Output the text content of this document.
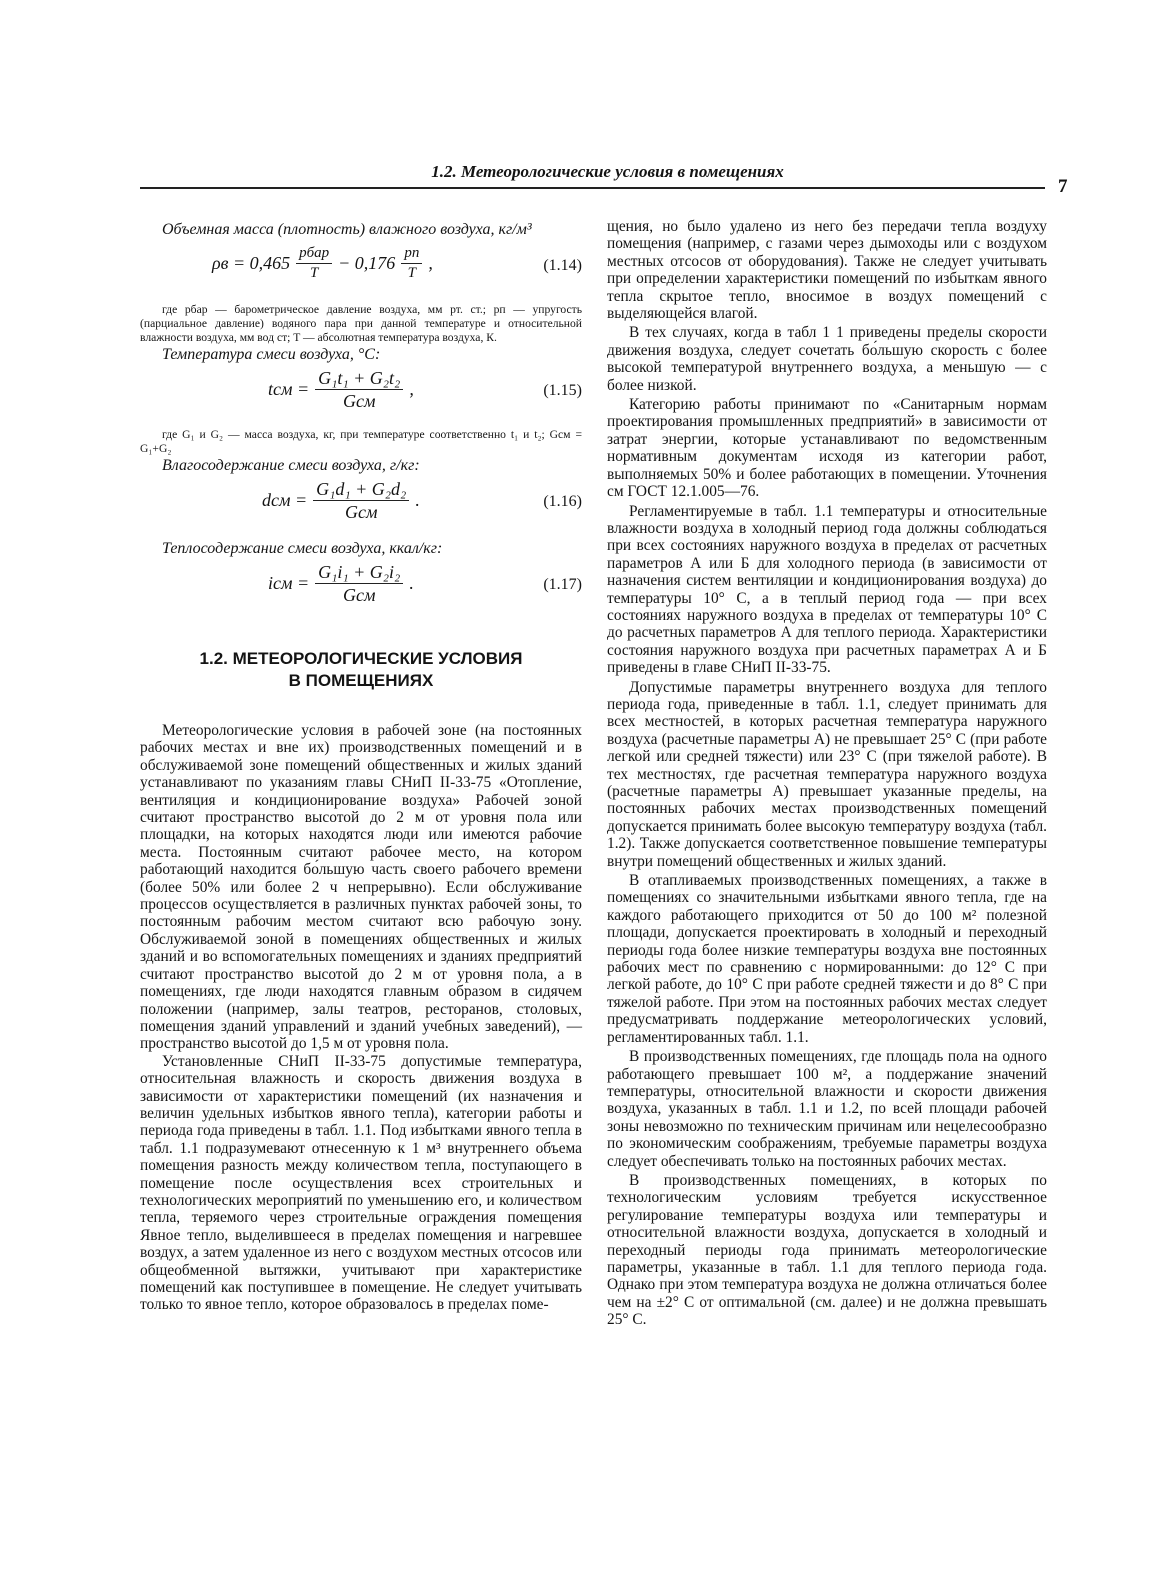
1.2. Метеорологические условия в помещениях
7
Объемная масса (плотность) влажного воздуха, кг/м³
$\rho в = 0,465 \frac{\text{pбар}}{T} - 0,176 \frac{pп}{T}$ ,	(1.14)

где pбар — барометрическое давление воздуха, мм рт. ст.; pп — упругость (парциальное давление) водяного пара при данной температуре и относительной влажности воздуха, мм вод ст; T — абсолютная температура воздуха, К.

Температура смеси воздуха, °С:
tсм = $\frac{\text{G₁t₁ + G₂t₂}}{\text{Gсм}}$ ,	(1.15)

где G₁ и G₂ — масса воздуха, кг, при температуре соответственно t₁ и t₂; Gсм = G₁+G₂

Влагосодержание смеси воздуха, г/кг:
dсм = $\frac{\text{G₁d₁ + G₂d₂}}{\text{Gсм}}$ .	(1.16)
Теплосодержание смеси воздуха, ккал/кг:
iсм = $\frac{\text{G₁i₁ + G₂i₂}}{\text{Gсм}}$ .	(1.17)
1.2. МЕТЕОРОЛОГИЧЕСКИЕ УСЛОВИЯ
В ПОМЕЩЕНИЯХ

Метеорологические условия в рабочей зоне (на постоянных рабочих местах и вне их) производственных помещений и в обслуживаемой зоне помещений общественных и жилых зданий устанавливают по указаниям главы СНиП II-33-75 «Отопление, вентиляция и кондиционирование воздуха» Рабочей зоной считают пространство высотой до 2 м от уровня пола или площадки, на которых находятся люди или имеются рабочие места. Постоянным считают рабочее место, на котором работающий находится бо́льшую часть своего рабочего времени (более 50% или более 2 ч непрерывно). Если обслуживание процессов осуществляется в различных пунктах рабочей зоны, то постоянным рабочим местом считают всю рабочую зону. Обслуживаемой зоной в помещениях общественных и жилых зданий и во вспомогательных помещениях и зданиях предприятий считают пространство высотой до 2 м от уровня пола, а в помещениях, где люди находятся главным образом в сидячем положении (например, залы театров, ресторанов, столовых, помещения зданий управлений и зданий учебных заведений), — пространство высотой до 1,5 м от уровня пола.

Установленные СНиП II-33-75 допустимые температура, относительная влажность и скорость движения воздуха в зависимости от характеристики помещений (их назначения и величин удельных избытков явного тепла), категории работы и периода года приведены в табл. 1.1. Под избытками явного тепла в табл. 1.1 подразумевают отнесенную к 1 м³ внутреннего объема помещения разность между количеством тепла, поступающего в помещение после осуществления всех строительных и технологических мероприятий по уменьшению его, и количеством тепла, теряемого через строительные ограждения помещения Явное тепло, выделившееся в пределах помещения и нагревшее воздух, а затем удаленное из него с воздухом местных отсосов или общеобменной вытяжки, учитывают при характеристике помещений как поступившее в помещение. Не следует учитывать только то явное тепло, которое образовалось в пределах поме-

щения, но было удалено из него без передачи тепла воздуху помещения (например, с газами через дымоходы или с воздухом местных отсосов от оборудования). Также не следует учитывать при определении характеристики помещений по избыткам явного тепла скрытое тепло, вносимое в воздух помещений с выделяющейся влагой.

В тех случаях, когда в табл 1 1 приведены пределы скорости движения воздуха, следует сочетать бо́льшую скорость с более высокой температурой внутреннего воздуха, а меньшую — с более низкой.

Категорию работы принимают по «Санитарным нормам проектирования промышленных предприятий» в зависимости от затрат энергии, которые устанавливают по ведомственным нормативным документам исходя из категории работ, выполняемых 50% и более работающих в помещении. Уточнения см ГОСТ 12.1.005—76.

Регламентируемые в табл. 1.1 температуры и относительные влажности воздуха в холодный период года должны соблюдаться при всех состояниях наружного воздуха в пределах от расчетных параметров А или Б для холодного периода (в зависимости от назначения систем вентиляции и кондиционирования воздуха) до температуры 10° С, а в теплый период года — при всех состояниях наружного воздуха в пределах от температуры 10° С до расчетных параметров А для теплого периода. Характеристики состояния наружного воздуха при расчетных параметрах А и Б приведены в главе СНиП II-33-75.

Допустимые параметры внутреннего воздуха для теплого периода года, приведенные в табл. 1.1, следует принимать для всех местностей, в которых расчетная температура наружного воздуха (расчетные параметры А) не превышает 25° С (при работе легкой или средней тяжести) или 23° С (при тяжелой работе). В тех местностях, где расчетная температура наружного воздуха (расчетные параметры А) превышает указанные пределы, на постоянных рабочих местах производственных помещений допускается принимать более высокую температуру воздуха (табл. 1.2). Также допускается соответственное повышение температуры внутри помещений общественных и жилых зданий.

В отапливаемых производственных помещениях, а также в помещениях со значительными избытками явного тепла, где на каждого работающего приходится от 50 до 100 м² полезной площади, допускается проектировать в холодный и переходный периоды года более низкие температуры воздуха вне постоянных рабочих мест по сравнению с нормированными: до 12° С при легкой работе, до 10° С при работе средней тяжести и до 8° С при тяжелой работе. При этом на постоянных рабочих местах следует предусматривать поддержание метеорологических условий, регламентированных табл. 1.1.

В производственных помещениях, где площадь пола на одного работающего превышает 100 м², а поддержание значений температуры, относительной влажности и скорости движения воздуха, указанных в табл. 1.1 и 1.2, по всей площади рабочей зоны невозможно по техническим причинам или нецелесообразно по экономическим соображениям, требуемые параметры воздуха следует обеспечивать только на постоянных рабочих местах.

В производственных помещениях, в которых по технологическим условиям требуется искусственное регулирование температуры воздуха или температуры и относительной влажности воздуха, допускается в холодный и переходный периоды года принимать метеорологические параметры, указанные в табл. 1.1 для теплого периода года. Однако при этом температура воздуха не должна отличаться более чем на ±2° С от оптимальной (см. далее) и не должна превышать 25° С.
